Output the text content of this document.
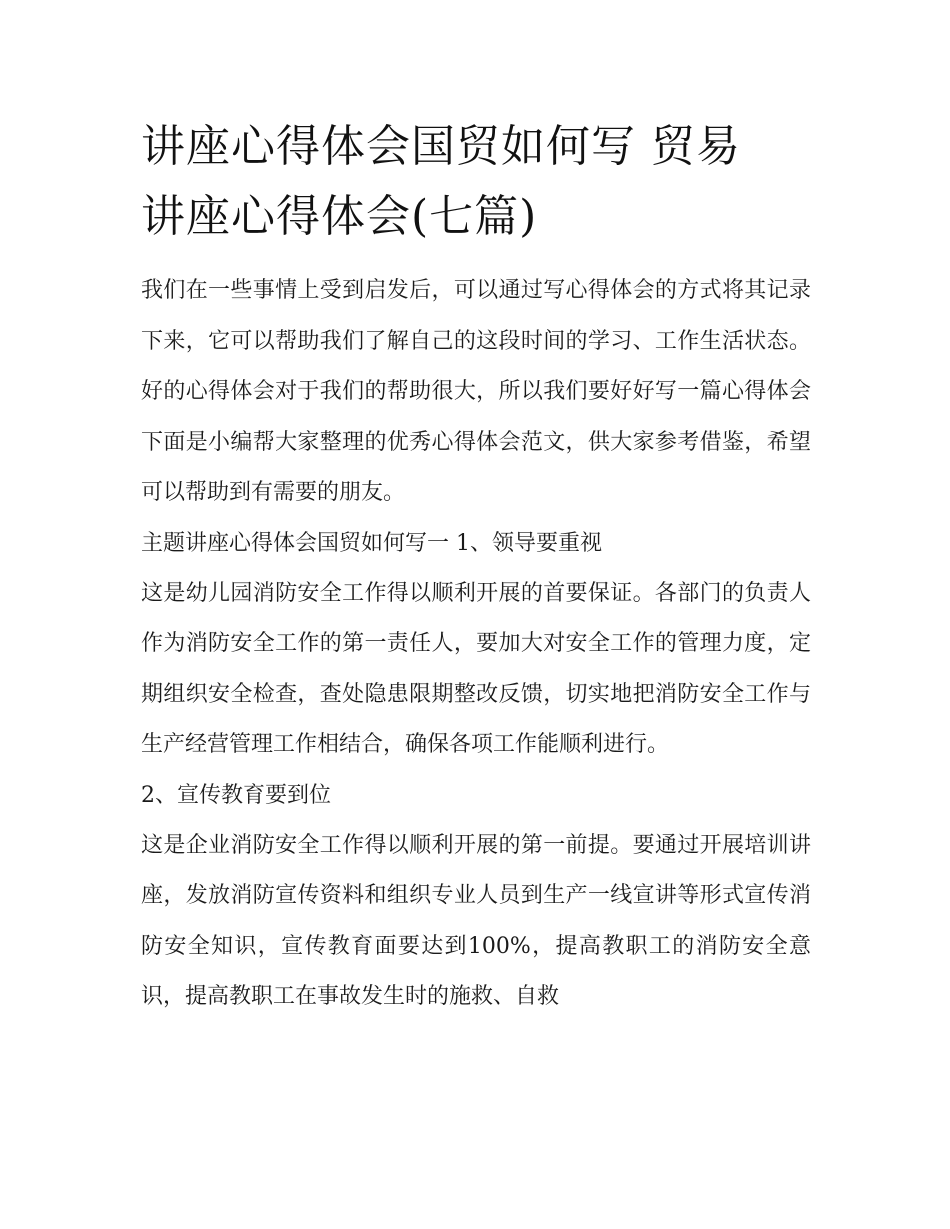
讲座心得体会国贸如何写 贸易
讲座心得体会(七篇)

我们在一些事情上受到启发后，可以通过写心得体会的方式将其记录下来，它可以帮助我们了解自己的这段时间的学习、工作生活状态。好的心得体会对于我们的帮助很大，所以我们要好好写一篇心得体会下面是小编帮大家整理的优秀心得体会范文，供大家参考借鉴，希望可以帮助到有需要的朋友。

主题讲座心得体会国贸如何写一 1、领导要重视

这是幼儿园消防安全工作得以顺利开展的首要保证。各部门的负责人作为消防安全工作的第一责任人，要加大对安全工作的管理力度，定期组织安全检查，查处隐患限期整改反馈，切实地把消防安全工作与生产经营管理工作相结合，确保各项工作能顺利进行。

2、宣传教育要到位

这是企业消防安全工作得以顺利开展的第一前提。要通过开展培训讲座，发放消防宣传资料和组织专业人员到生产一线宣讲等形式宣传消防安全知识，宣传教育面要达到100%，提高教职工的消防安全意识，提高教职工在事故发生时的施救、自救
